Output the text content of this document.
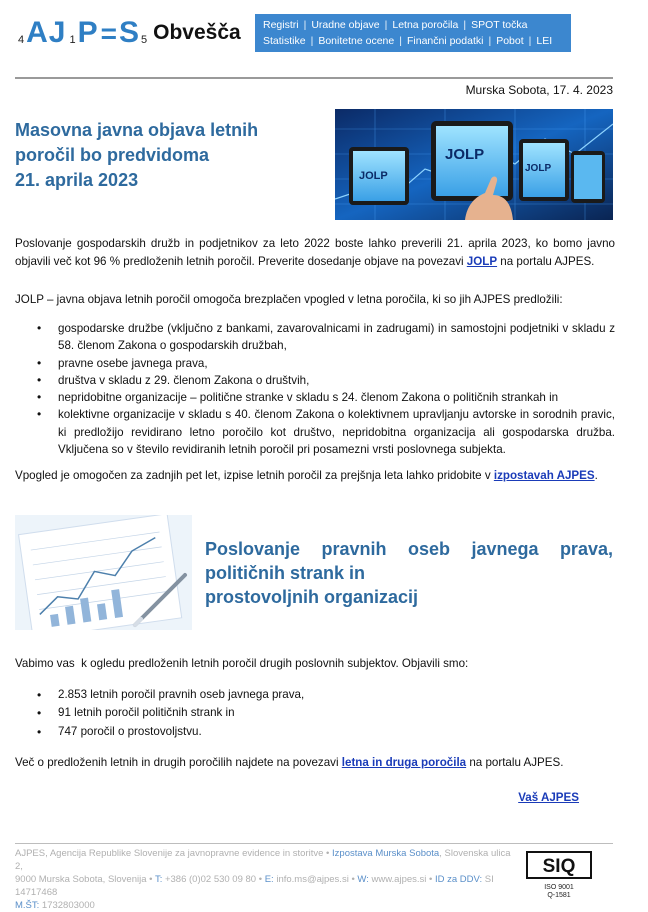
4 A J 1 P = S 5 Obvešča Registri | Uradne objave | Letna poročila | SPOT točka
Statistike | Bonitetne ocene | Finančni podatki | Pobot | LEI
Murska Sobota, 17. 4. 2023
Masovna javna objava letnih
poročil bo predvidoma
21. aprila 2023	JOLP
JOLP
JOLP
Poslovanje gospodarskih družb in podjetnikov za leto 2022 boste lahko preverili 21. aprila 2023, ko bomo javno objavili več kot 96 % predloženih letnih poročil. Preverite dosedanje objave na povezavi JOLP na portalu AJPES.
JOLP – javna objava letnih poročil omogoča brezplačen vpogled v letna poročila, ki so jih AJPES predložili:
• gospodarske družbe (vključno z bankami, zavarovalnicami in zadrugami) in samostojni podjetniki v skladu z 58. členom Zakona o gospodarskih družbah,
• pravne osebe javnega prava,
• društva v skladu z 29. členom Zakona o društvih,
• nepridobitne organizacije – politične stranke v skladu s 24. členom Zakona o političnih strankah in
• kolektivne organizacije v skladu s 40. členom Zakona o kolektivnem upravljanju avtorske in sorodnih pravic, ki predložijo revidirano letno poročilo kot društvo, nepridobitna organizacija ali gospodarska družba. Vključena so v število revidiranih letnih poročil pri posamezni vrsti poslovnega subjekta.
Vpogled je omogočen za zadnjih pet let, izpise letnih poročil za prejšnja leta lahko pridobite v izpostavah AJPES.
Poslovanje pravnih oseb javnega prava,
političnih strank in
prostovoljnih organizacij
Vabimo vas  k ogledu predloženih letnih poročil drugih poslovnih subjektov. Objavili smo:
• 2.853 letnih poročil pravnih oseb javnega prava,
• 91 letnih poročil političnih strank in
• 747 poročil o prostovoljstvu.
Več o predloženih letnih in drugih poročilih najdete na povezavi letna in druga poročila na portalu AJPES.
Vaš AJPES
AJPES, Agencija Republike Slovenije za javnopravne evidence in storitve • Izpostava Murska Sobota, Slovenska ulica 2,
9000 Murska Sobota, Slovenija • T: +386 (0)02 530 09 80 • E: info.ms@ajpes.si • W: www.ajpes.si • ID za DDV: SI 14717468
M.ŠT: 1732803000
SIQ
ISO 9001
Q-1581
